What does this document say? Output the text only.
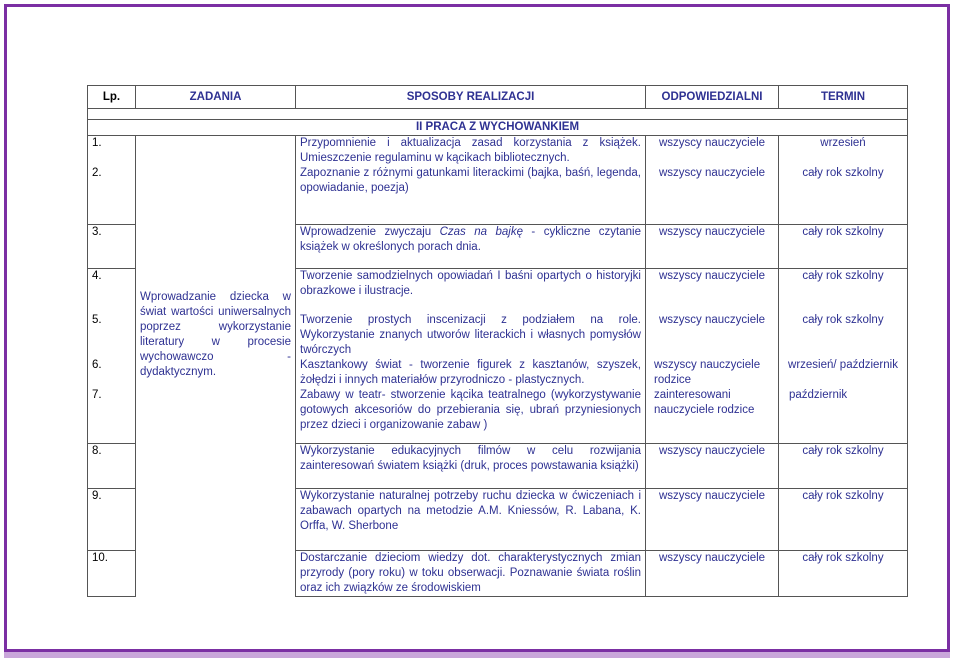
Lp.	ZADANIA	SPOSOBY REALIZACJI	ODPOWIEDZIALNI	TERMIN

II PRACA Z WYCHOWANKIEM				
1.	Wprowadzanie dziecka w świat wartości uniwersalnych poprzez wykorzystanie literatury w procesie wychowawczo - dydaktycznym.	Przypomnienie i aktualizacja zasad korzystania z książek. Umieszczenie regulaminu w kącikach bibliotecznych.	wszyscy nauczyciele	wrzesień
2.		Zapoznanie z różnymi gatunkami literackimi (bajka, baśń, legenda, opowiadanie, poezja)	wszyscy nauczyciele	cały rok szkolny
3.		Wprowadzenie zwyczaju Czas na bajkę - cykliczne czytanie książek w określonych porach dnia.	wszyscy nauczyciele	cały rok szkolny
4.		Tworzenie samodzielnych opowiadań I baśni opartych o historyjki obrazkowe i ilustracje.	wszyscy nauczyciele	cały rok szkolny
5.		Tworzenie prostych inscenizacji z podziałem na role. Wykorzystanie znanych utworów literackich i własnych pomysłów twórczych	wszyscy nauczyciele	cały rok szkolny
6.		Kasztankowy świat - tworzenie figurek z kasztanów, szyszek, żołędzi i innych materiałów przyrodniczo - plastycznych.	wszyscy nauczyciele rodzice	wrzesień/ październik
7.		Zabawy w teatr- stworzenie kącika teatralnego (wykorzystywanie gotowych akcesoriów do przebierania się, ubrań przyniesionych przez dzieci i organizowanie zabaw )	zainteresowani nauczyciele rodzice	październik
8.		Wykorzystanie edukacyjnych filmów w celu rozwijania zainteresowań światem książki (druk, proces powstawania książki)	wszyscy nauczyciele	cały rok szkolny
9.		Wykorzystanie naturalnej potrzeby ruchu dziecka w ćwiczeniach i zabawach opartych na metodzie A.M. Kniessów, R. Labana, K. Orffa, W. Sherbone	wszyscy nauczyciele	cały rok szkolny
10.		Dostarczanie dzieciom wiedzy dot. charakterystycznych zmian przyrody (pory roku) w toku obserwacji. Poznawanie świata roślin oraz ich związków ze środowiskiem	wszyscy nauczyciele	cały rok szkolny
